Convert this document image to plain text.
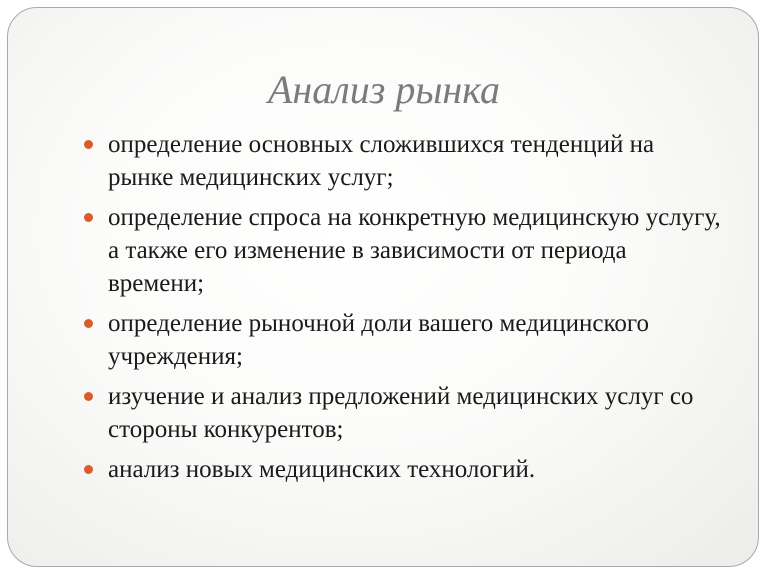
Анализ рынка
определение основных сложившихся тенденций на рынке медицинских услуг;
определение спроса на конкретную медицинскую услугу, а также его изменение в зависимости от периода времени;
определение рыночной доли вашего медицинского учреждения;
изучение и анализ предложений медицинских услуг со стороны конкурентов;
анализ новых медицинских технологий.
